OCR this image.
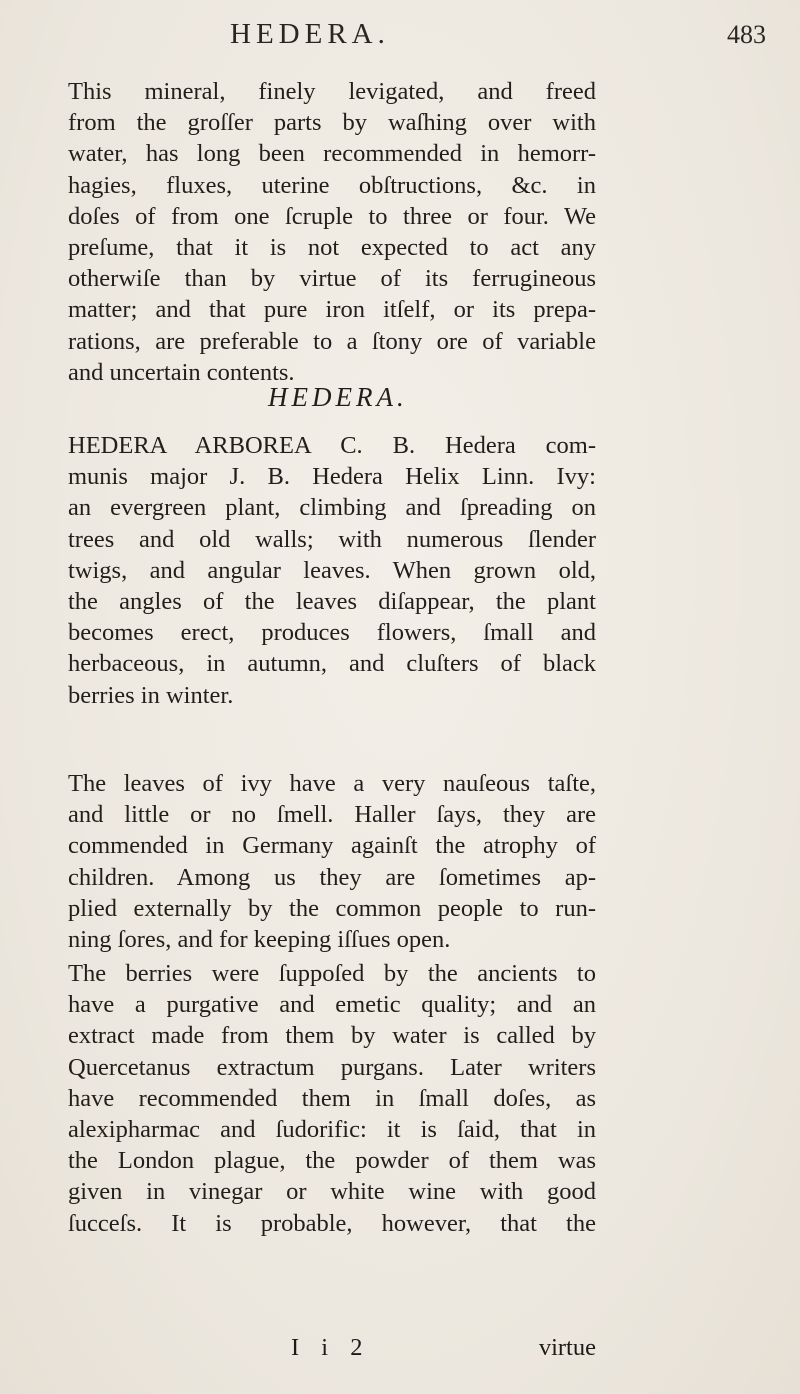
HEDERA.	483
This mineral, finely levigated, and freed
from the groſſer parts by waſhing over with
water, has long been recommended in hemorr-
hagies, fluxes, uterine obſtructions, &c. in
doſes of from one ſcruple to three or four. We
preſume, that it is not expected to act any
otherwiſe than by virtue of its ferrugineous
matter; and that pure iron itſelf, or its prepa-
rations, are preferable to a ſtony ore of variable
and uncertain contents.
HEDERA.
HEDERA ARBOREA C. B. Hedera com-
munis major J. B. Hedera Helix Linn. Ivy:
an evergreen plant, climbing and ſpreading on
trees and old walls; with numerous ſlender
twigs, and angular leaves. When grown old,
the angles of the leaves diſappear, the plant
becomes erect, produces flowers, ſmall and
herbaceous, in autumn, and cluſters of black
berries in winter.
The leaves of ivy have a very nauſeous taſte,
and little or no ſmell. Haller ſays, they are
commended in Germany againſt the atrophy of
children. Among us they are ſometimes ap-
plied externally by the common people to run-
ning ſores, and for keeping iſſues open.
The berries were ſuppoſed by the ancients to
have a purgative and emetic quality; and an
extract made from them by water is called by
Quercetanus extractum purgans. Later writers
have recommended them in ſmall doſes, as
alexipharmac and ſudorific: it is ſaid, that in
the London plague, the powder of them was
given in vinegar or white wine with good
ſucceſs. It is probable, however, that the
I i 2	virtue
